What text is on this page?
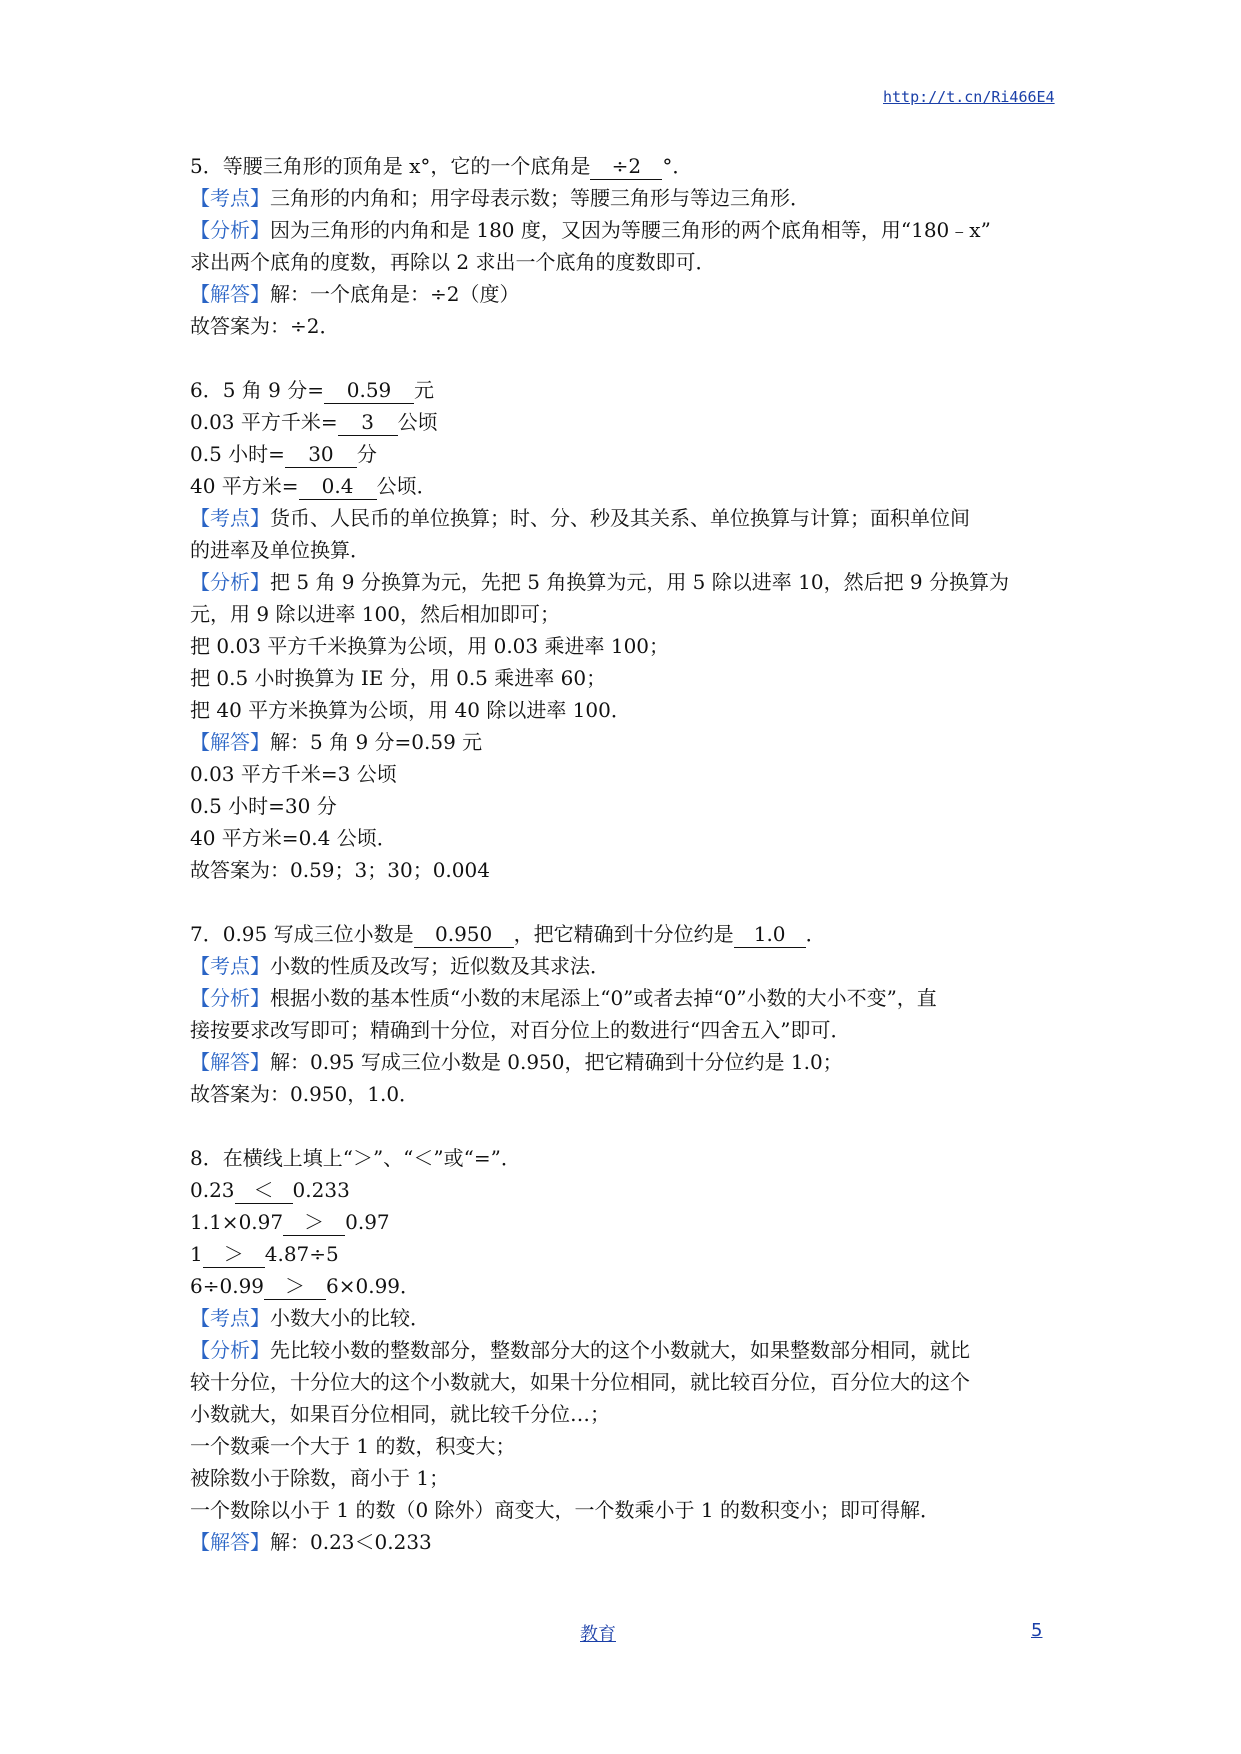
http://t.cn/Ri466E4
5．等腰三角形的顶角是 x°，它的一个底角是 ÷2 °．
【考点】三角形的内角和；用字母表示数；等腰三角形与等边三角形．
【分析】因为三角形的内角和是 180 度，又因为等腰三角形的两个底角相等，用“180﹣x”
求出两个底角的度数，再除以 2 求出一个底角的度数即可．
【解答】解：一个底角是：÷2（度）
故答案为：÷2．
6．5 角 9 分= 0.59 元
0.03 平方千米= 3 公顷
0.5 小时= 30 分
40 平方米= 0.4 公顷．
【考点】货币、人民币的单位换算；时、分、秒及其关系、单位换算与计算；面积单位间
的进率及单位换算．
【分析】把 5 角 9 分换算为元，先把 5 角换算为元，用 5 除以进率 10，然后把 9 分换算为
元，用 9 除以进率 100，然后相加即可；
把 0.03 平方千米换算为公顷，用 0.03 乘进率 100；
把 0.5 小时换算为 IE 分，用 0.5 乘进率 60；
把 40 平方米换算为公顷，用 40 除以进率 100．
【解答】解：5 角 9 分=0.59 元
0.03 平方千米=3 公顷
0.5 小时=30 分
40 平方米=0.4 公顷．
故答案为：0.59；3；30；0.004
7．0.95 写成三位小数是 0.950 ，把它精确到十分位约是 1.0 ．
【考点】小数的性质及改写；近似数及其求法．
【分析】根据小数的基本性质“小数的末尾添上“0”或者去掉“0”小数的大小不变”，直
接按要求改写即可；精确到十分位，对百分位上的数进行“四舍五入”即可．
【解答】解：0.95 写成三位小数是 0.950，把它精确到十分位约是 1.0；
故答案为：0.950，1.0．
8．在横线上填上“＞”、“＜”或“=”．
0.23 ＜ 0.233
1.1×0.97 ＞ 0.97
1 ＞ 4.87÷5
6÷0.99 ＞ 6×0.99．
【考点】小数大小的比较．
【分析】先比较小数的整数部分，整数部分大的这个小数就大，如果整数部分相同，就比
较十分位，十分位大的这个小数就大，如果十分位相同，就比较百分位，百分位大的这个
小数就大，如果百分位相同，就比较千分位…；
一个数乘一个大于 1 的数，积变大；
被除数小于除数，商小于 1；
一个数除以小于 1 的数（0 除外）商变大，一个数乘小于 1 的数积变小；即可得解．
【解答】解：0.23＜0.233
教育	5
